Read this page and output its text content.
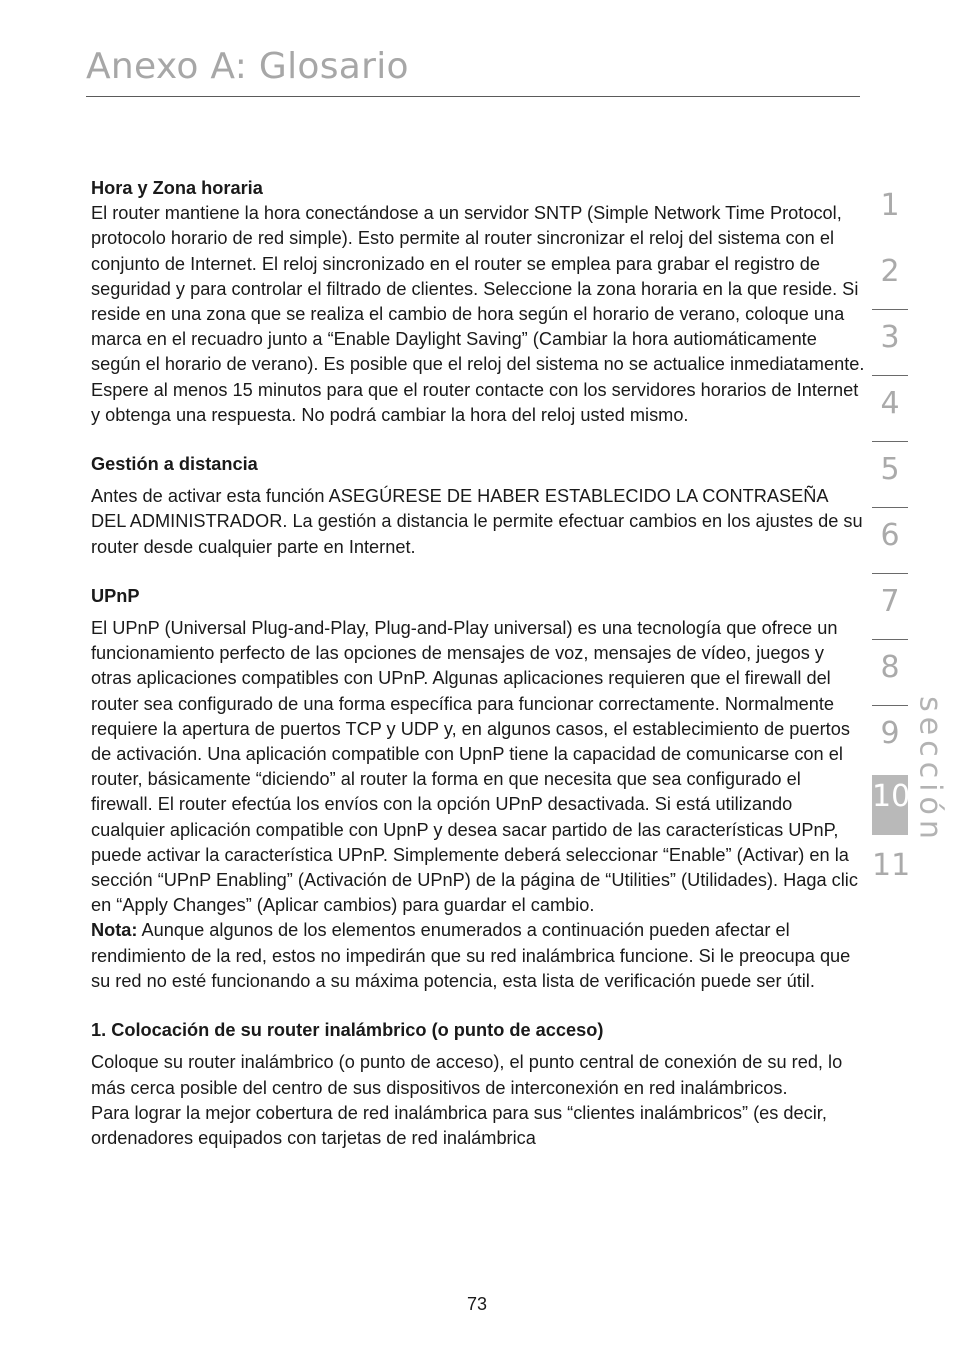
Anexo A: Glosario
Hora y Zona horaria

El router mantiene la hora conectándose a un servidor SNTP (Simple Network Time Protocol, protocolo horario de red simple). Esto permite al router sincronizar el reloj del sistema con el conjunto de Internet. El reloj sincronizado en el router se emplea para grabar el registro de seguridad y para controlar el filtrado de clientes. Seleccione la zona horaria en la que reside. Si reside en una zona que se realiza el cambio de hora según el horario de verano, coloque una marca en el recuadro junto a “Enable Daylight Saving” (Cambiar la hora autiomáticamente según el horario de verano). Es posible que el reloj del sistema no se actualice inmediatamente.

Espere al menos 15 minutos para que el router contacte con los servidores horarios de Internet y obtenga una respuesta. No podrá cambiar la hora del reloj usted mismo.

Gestión a distancia

Antes de activar esta función ASEGÚRESE DE HABER ESTABLECIDO LA CONTRASEÑA DEL ADMINISTRADOR. La gestión a distancia le permite efectuar cambios en los ajustes de su router desde cualquier parte en Internet.

UPnP

El UPnP (Universal Plug-and-Play, Plug-and-Play universal) es una tecnología que ofrece un funcionamiento perfecto de las opciones de mensajes de voz, mensajes de vídeo, juegos y otras aplicaciones compatibles con UPnP. Algunas aplicaciones requieren que el firewall del router sea configurado de una forma específica para funcionar correctamente. Normalmente requiere la apertura de puertos TCP y UDP y, en algunos casos, el establecimiento de puertos de activación. Una aplicación compatible con UpnP tiene la capacidad de comunicarse con el router, básicamente “diciendo” al router la forma en que necesita que sea configurado el firewall. El router efectúa los envíos con la opción UPnP desactivada. Si está utilizando cualquier aplicación compatible con UpnP y desea sacar partido de las características UPnP, puede activar la característica UPnP. Simplemente deberá seleccionar “Enable” (Activar) en la sección “UPnP Enabling” (Activación de UPnP) de la página de “Utilities” (Utilidades). Haga clic en “Apply Changes” (Aplicar cambios) para guardar el cambio.

Nota: Aunque algunos de los elementos enumerados a continuación pueden afectar el rendimiento de la red, estos no impedirán que su red inalámbrica funcione. Si le preocupa que su red no esté funcionando a su máxima potencia, esta lista de verificación puede ser útil.

1. Colocación de su router inalámbrico (o punto de acceso)

Coloque su router inalámbrico (o punto de acceso), el punto central de conexión de su red, lo más cerca posible del centro de sus dispositivos de interconexión en red inalámbricos.

Para lograr la mejor cobertura de red inalámbrica para sus “clientes inalámbricos” (es decir, ordenadores equipados con tarjetas de red inalámbrica

1
2
3
4
5
6
7
8
9
10
11
sección
73
